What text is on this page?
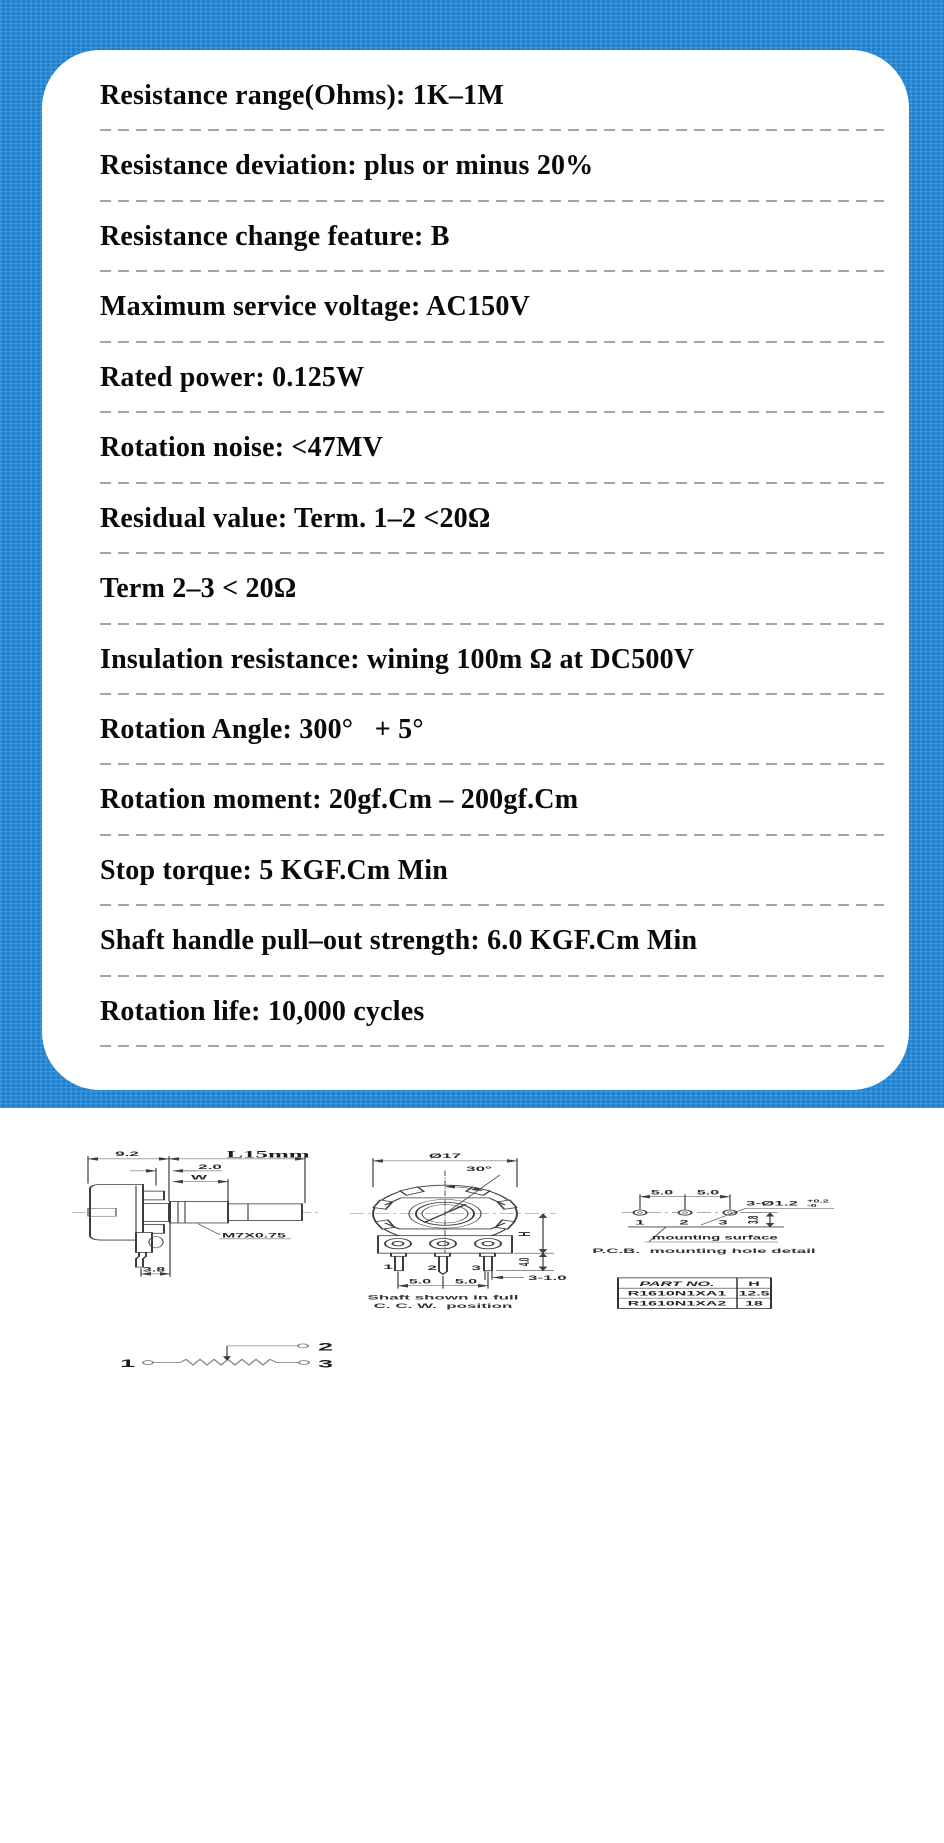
Resistance range(Ohms): 1K–1M
Resistance deviation: plus or minus 20%
Resistance change feature: B
Maximum service voltage: AC150V
Rated power: 0.125W
Rotation noise: <47MV
Residual value: Term. 1–2 <20Ω
Term 2–3 < 20Ω
Insulation resistance: wining 100m Ω at DC500V
Rotation Angle: 300°   + 5°
Rotation moment: 20gf.Cm – 200gf.Cm
Stop torque: 5 KGF.Cm Min
Shaft handle pull–out strength: 6.0 KGF.Cm Min
Rotation life: 10,000 cycles
9.2	L15mm
2.0
W
M7X0.75
3.8
30°
Ø17
H
4.0
3-1.0
1 2 3
5.0 5.0
Shaft shown in full
C. C. W.  position
5.0 5.0
1 2 3
3-Ø1.2 +0.2
-0
3.8
mounting surface
P.C.B.  mounting hole detail
PART NO. H
R1610N1XA1 12.5
R1610N1XA2 18
1	3
2
